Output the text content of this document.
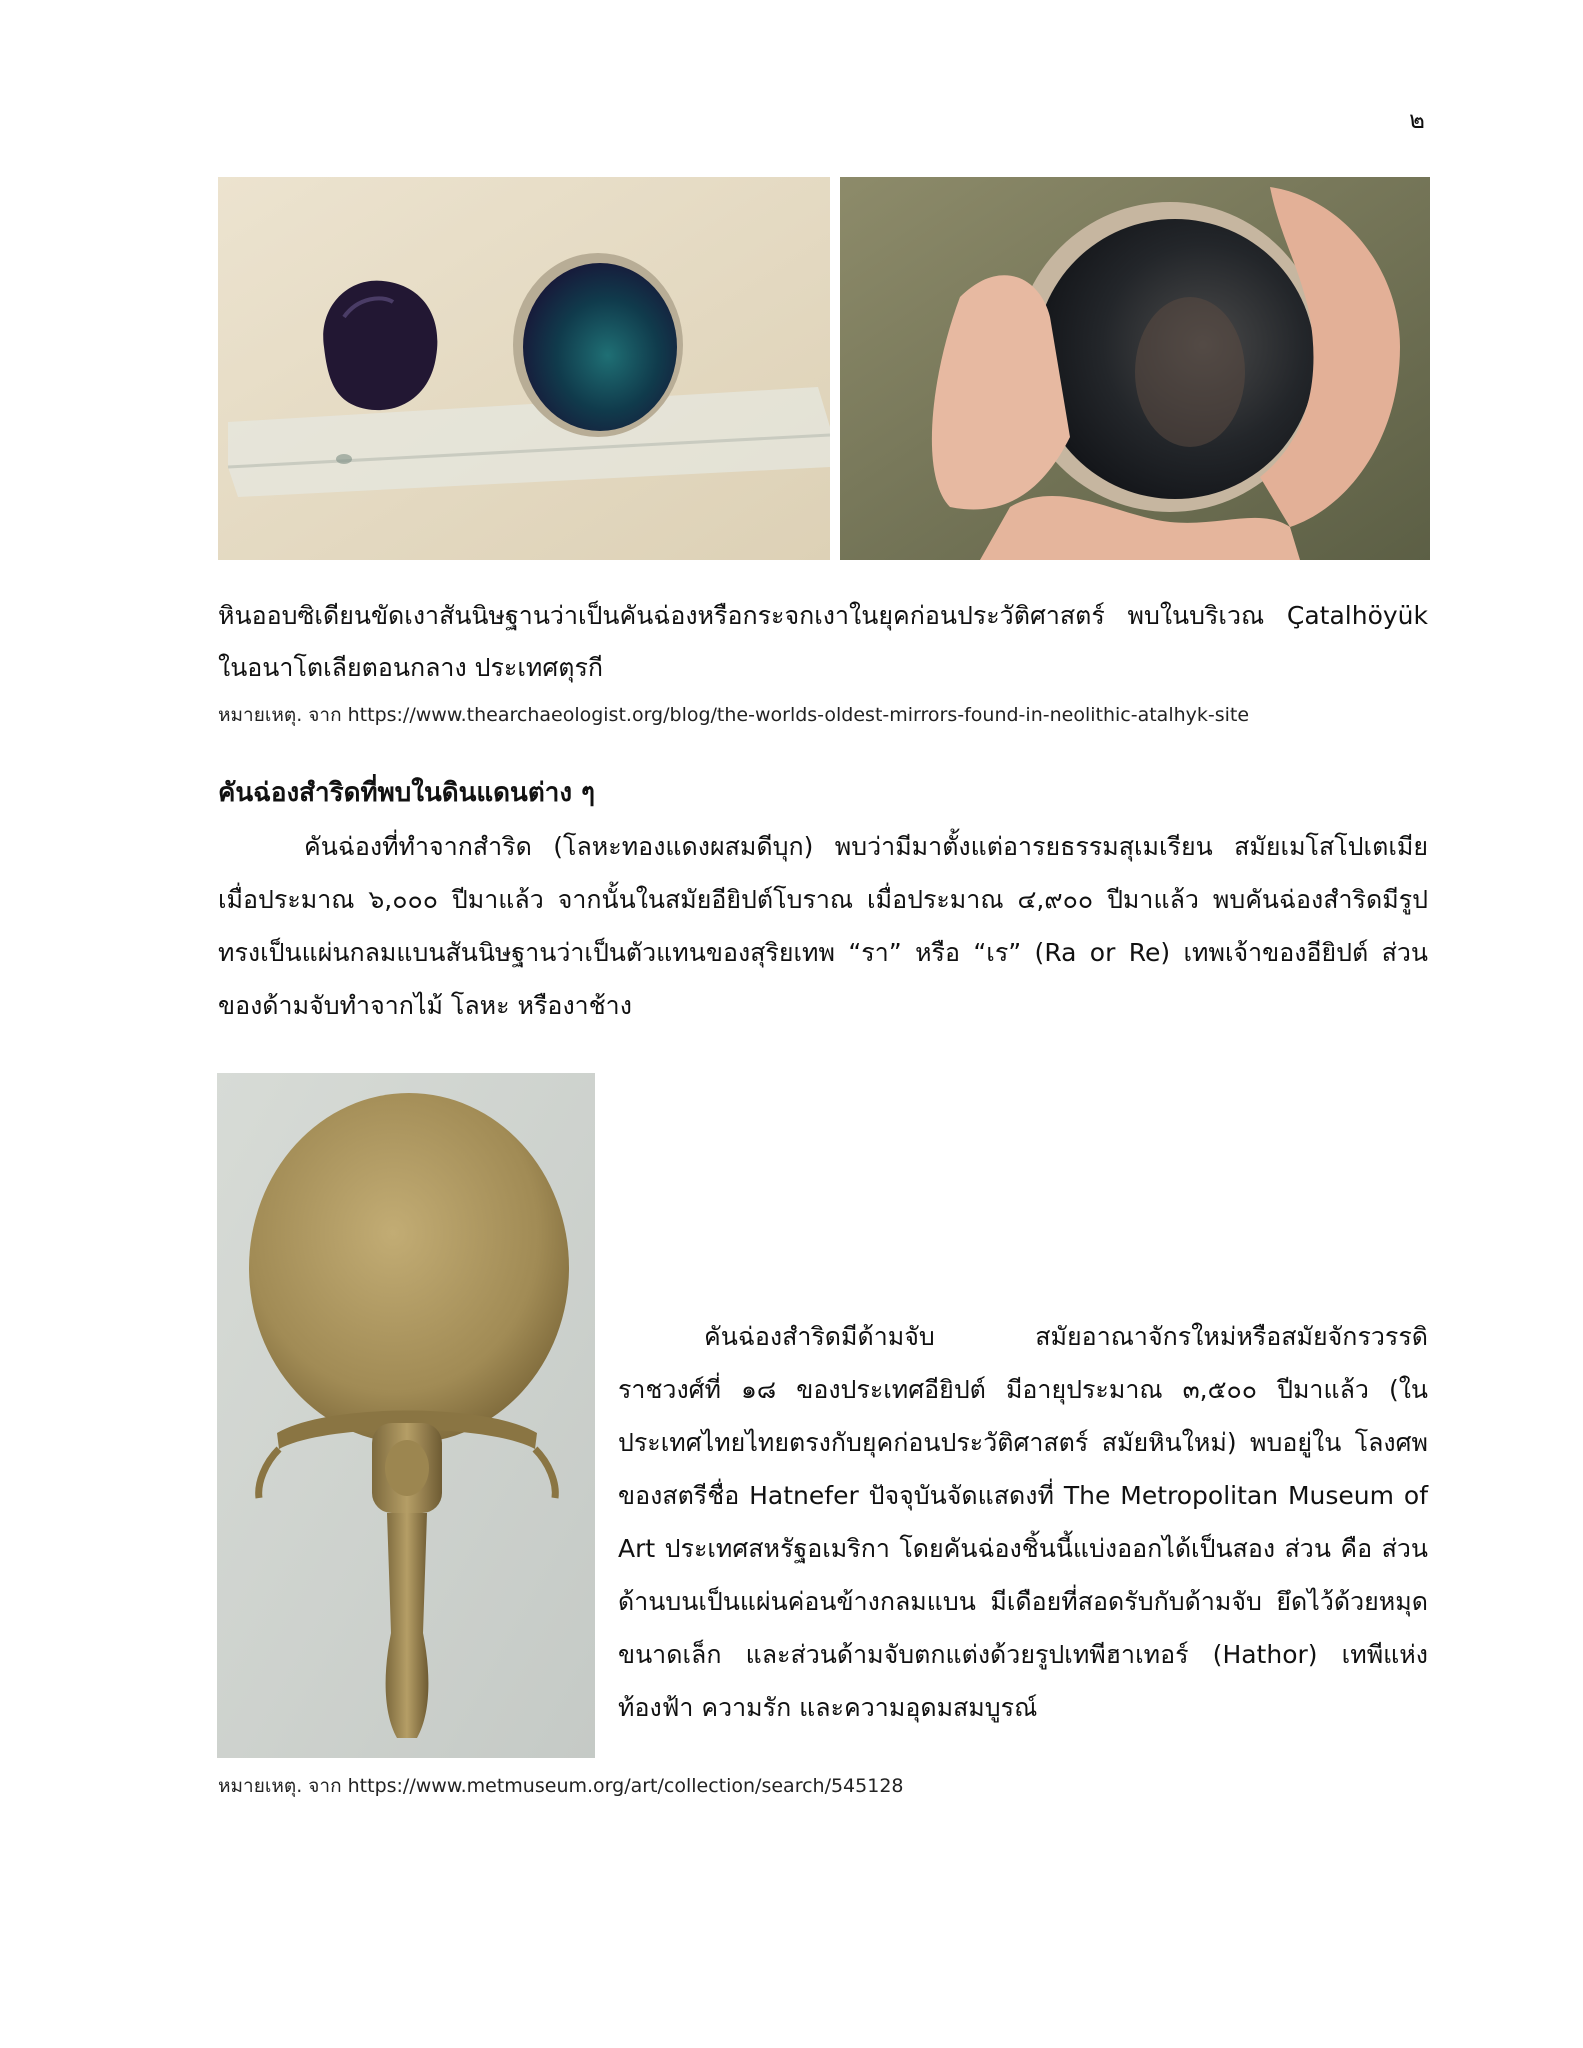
๒
หินออบซิเดียนขัดเงาสันนิษฐานว่าเป็นคันฉ่องหรือกระจกเงาในยุคก่อนประวัติศาสตร์ พบในบริเวณ Çatalhöyük ในอนาโตเลียตอนกลาง ประเทศตุรกี
หมายเหตุ. จาก https://www.thearchaeologist.org/blog/the-worlds-oldest-mirrors-found-in-neolithic-atalhyk-site
คันฉ่องสำริดที่พบในดินแดนต่าง ๆ
คันฉ่องที่ทำจากสำริด (โลหะทองแดงผสมดีบุก) พบว่ามีมาตั้งแต่อารยธรรมสุเมเรียน สมัยเมโสโปเตเมีย เมื่อประมาณ ๖,๐๐๐ ปีมาแล้ว จากนั้นในสมัยอียิปต์โบราณ เมื่อประมาณ ๔,๙๐๐ ปีมาแล้ว พบคันฉ่องสำริดมีรูปทรงเป็นแผ่นกลมแบนสันนิษฐานว่าเป็นตัวแทนของสุริยเทพ “รา” หรือ “เร” (Ra or Re) เทพเจ้าของอียิปต์ ส่วนของด้ามจับทำจากไม้ โลหะ หรืองาช้าง
คันฉ่องสำริดมีด้ามจับ สมัยอาณาจักรใหม่หรือสมัยจักรวรรดิ ราชวงศ์ที่ ๑๘ ของประเทศอียิปต์ มีอายุประมาณ ๓,๕๐๐ ปีมาแล้ว (ในประเทศไทยไทยตรงกับยุคก่อนประวัติศาสตร์ สมัยหินใหม่) พบอยู่ใน โลงศพของสตรีชื่อ Hatnefer ปัจจุบันจัดแสดงที่ The Metropolitan Museum of Art ประเทศสหรัฐอเมริกา โดยคันฉ่องชิ้นนี้แบ่งออกได้เป็นสอง ส่วน คือ ส่วนด้านบนเป็นแผ่นค่อนข้างกลมแบน มีเดือยที่สอดรับกับด้ามจับ ยึดไว้ด้วยหมุดขนาดเล็ก และส่วนด้ามจับตกแต่งด้วยรูปเทพีฮาเทอร์ (Hathor) เทพีแห่งท้องฟ้า ความรัก และความอุดมสมบูรณ์
หมายเหตุ. จาก https://www.metmuseum.org/art/collection/search/545128
